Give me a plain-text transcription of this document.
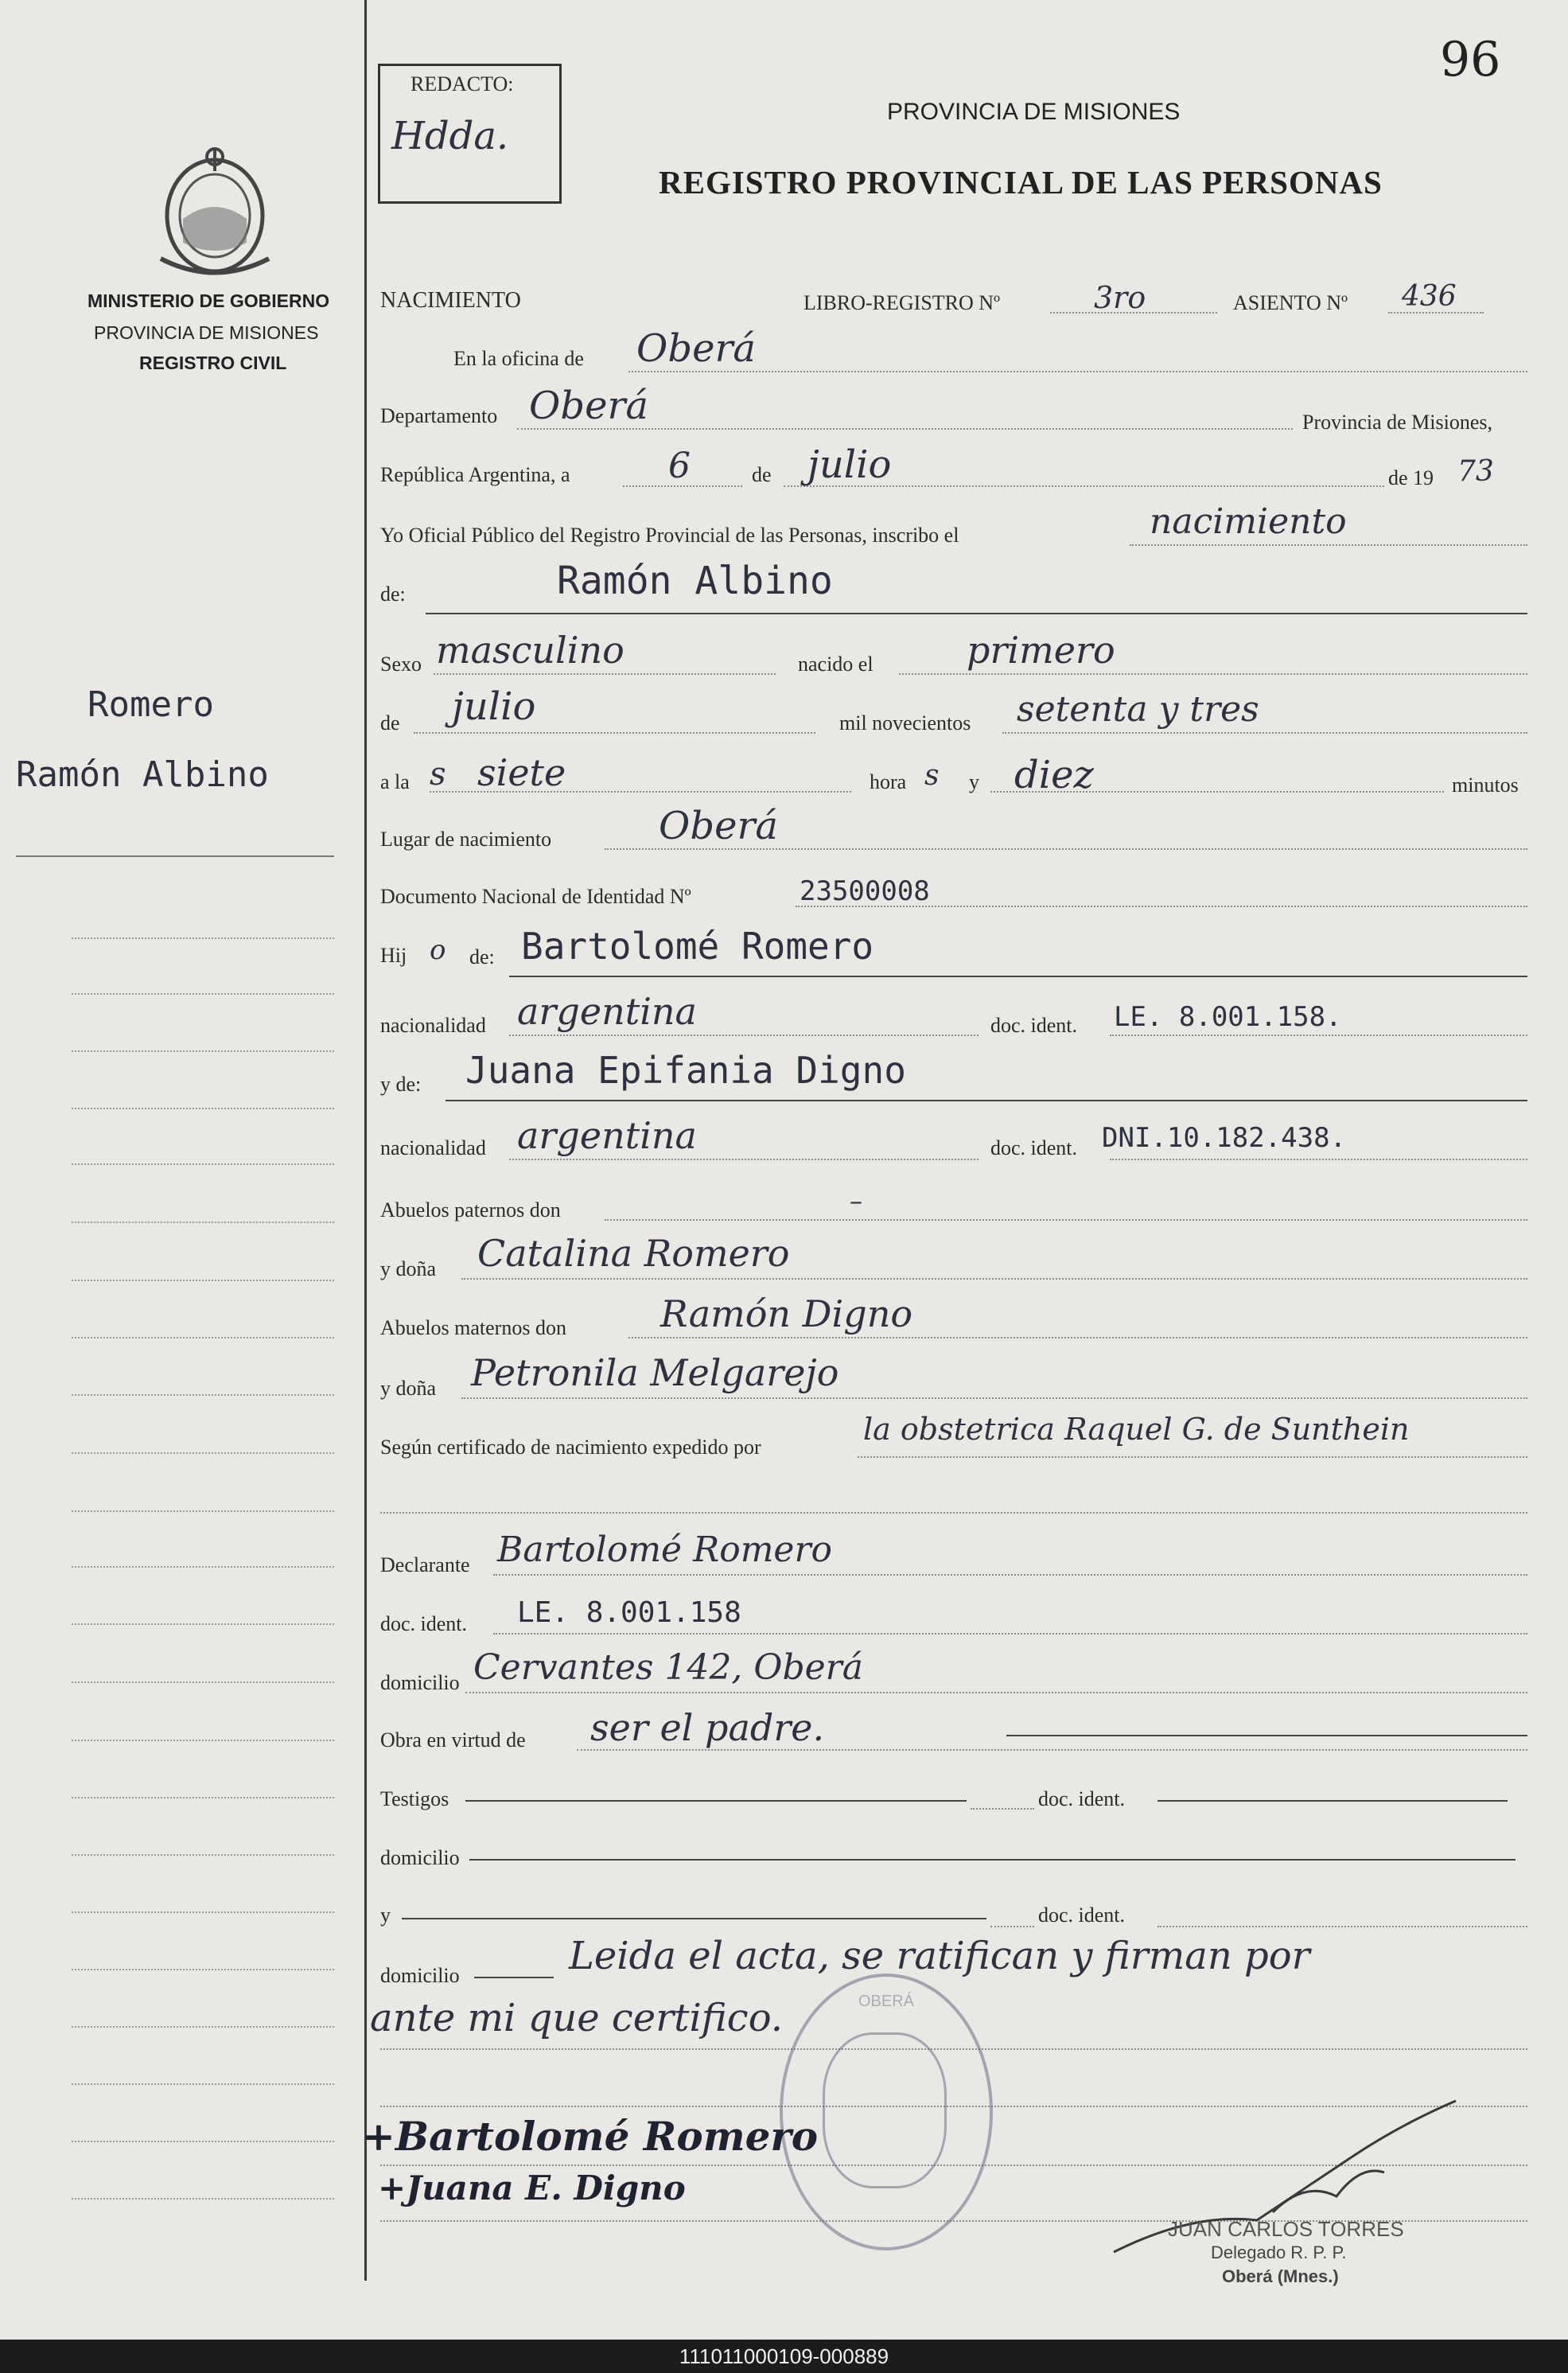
96
REDACTO:
Hdda.
PROVINCIA DE MISIONES
REGISTRO PROVINCIAL DE LAS PERSONAS
MINISTERIO DE GOBIERNO
PROVINCIA DE MISIONES
REGISTRO CIVIL
Romero
Ramón Albino
NACIMIENTO	LIBRO-REGISTRO Nº	3ro	ASIENTO Nº 436
En la oficina de Oberá
Departamento Oberá	Provincia de Misiones,
República Argentina, a	6	de julio	de 19 73
Yo Oficial Público del Registro Provincial de las Personas, inscribo el	nacimiento
de:	Ramón Albino
Sexo masculino	nacido el	primero
de julio	mil novecientos setenta y tres
a la s siete	hora s y diez	minutos
Lugar de nacimiento	Oberá
Documento Nacional de Identidad Nº	23500008
Hij o de: Bartolomé Romero
nacionalidad argentina	doc. ident. LE. 8.001.158.
y de: Juana Epifania Digno
nacionalidad argentina	doc. ident. DNI.10.182.438.
Abuelos paternos don	–
y doña Catalina Romero
Abuelos maternos don	Ramón Digno
y doña Petronila Melgarejo
Según certificado de nacimiento expedido por
la obstetrica Raquel G. de Sunthein
Declarante Bartolomé Romero
doc. ident. LE. 8.001.158
domicilio Cervantes 142, Oberá
Obra en virtud de ser el padre.
Testigos	doc. ident.
domicilio
y	doc. ident.
domicilio	Leida el acta, se ratifican y firman por
ante mi que certifico.	OBERÁ
+Bartolomé Romero
+Juana E. Digno
JUAN CARLOS TORRES
Delegado R. P. P.
Oberá (Mnes.)
111011000109-000889
